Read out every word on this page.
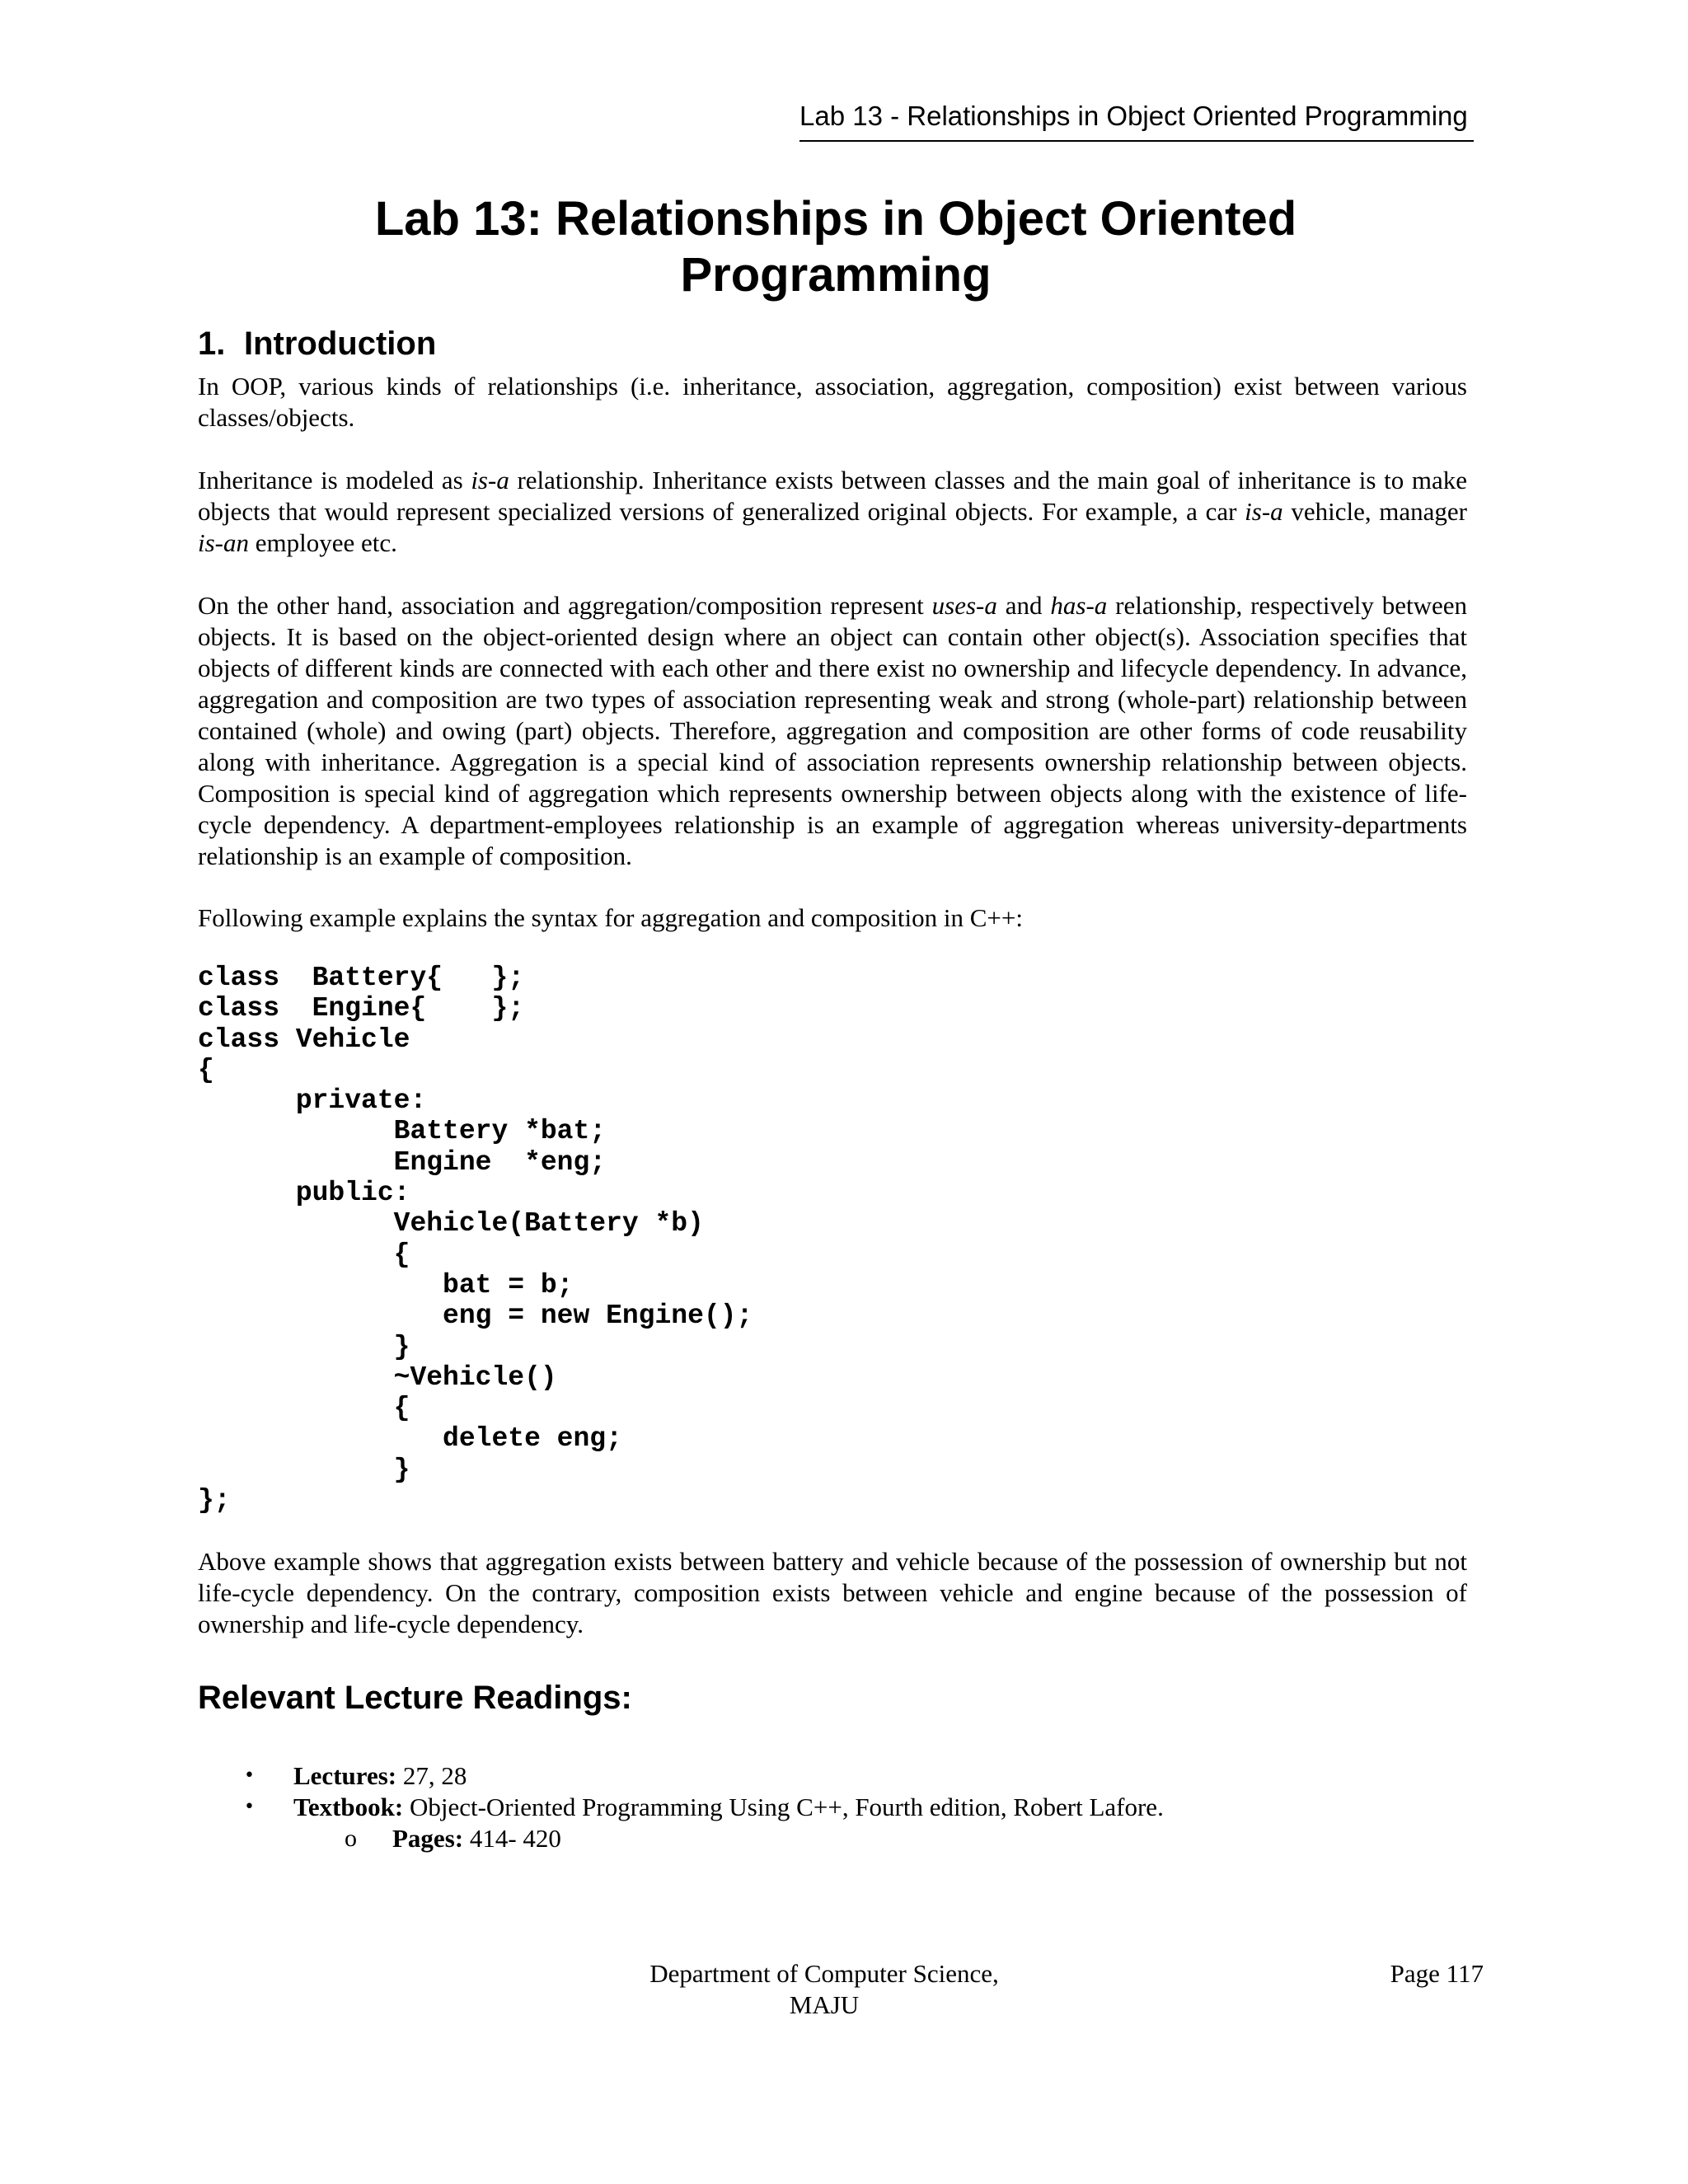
Lab 13 - Relationships in Object Oriented Programming
Lab 13: Relationships in Object Oriented
Programming
1. Introduction

In OOP, various kinds of relationships (i.e. inheritance, association, aggregation, composition) exist between various classes/objects.

Inheritance is modeled as is-a relationship. Inheritance exists between classes and the main goal of inheritance is to make objects that would represent specialized versions of generalized original objects. For example, a car is-a vehicle, manager is-an employee etc.

On the other hand, association and aggregation/composition represent uses-a and has-a relationship, respectively between objects. It is based on the object-oriented design where an object can contain other object(s). Association specifies that objects of different kinds are connected with each other and there exist no ownership and lifecycle dependency. In advance, aggregation and composition are two types of association representing weak and strong (whole-part) relationship between contained (whole) and owing (part) objects. Therefore, aggregation and composition are other forms of code reusability along with inheritance. Aggregation is a special kind of association represents ownership relationship between objects. Composition is special kind of aggregation which represents ownership between objects along with the existence of life-cycle dependency. A department-employees relationship is an example of aggregation whereas university-departments relationship is an example of composition.

Following example explains the syntax for aggregation and composition in C++:

class  Battery{   };
class  Engine{    };
class Vehicle
{
private:
Battery *bat;
Engine  *eng;
public:
Vehicle(Battery *b)
{
bat = b;
eng = new Engine();
}
~Vehicle()
{
delete eng;
}
};

Above example shows that aggregation exists between battery and vehicle because of the possession of ownership but not life-cycle dependency. On the contrary, composition exists between vehicle and engine because of the possession of ownership and life-cycle dependency.

Relevant Lecture Readings:
• Lectures: 27, 28
• Textbook: Object-Oriented Programming Using C++, Fourth edition, Robert Lafore.
o Pages: 414- 420
Department of Computer Science,
MAJU
Page 117
